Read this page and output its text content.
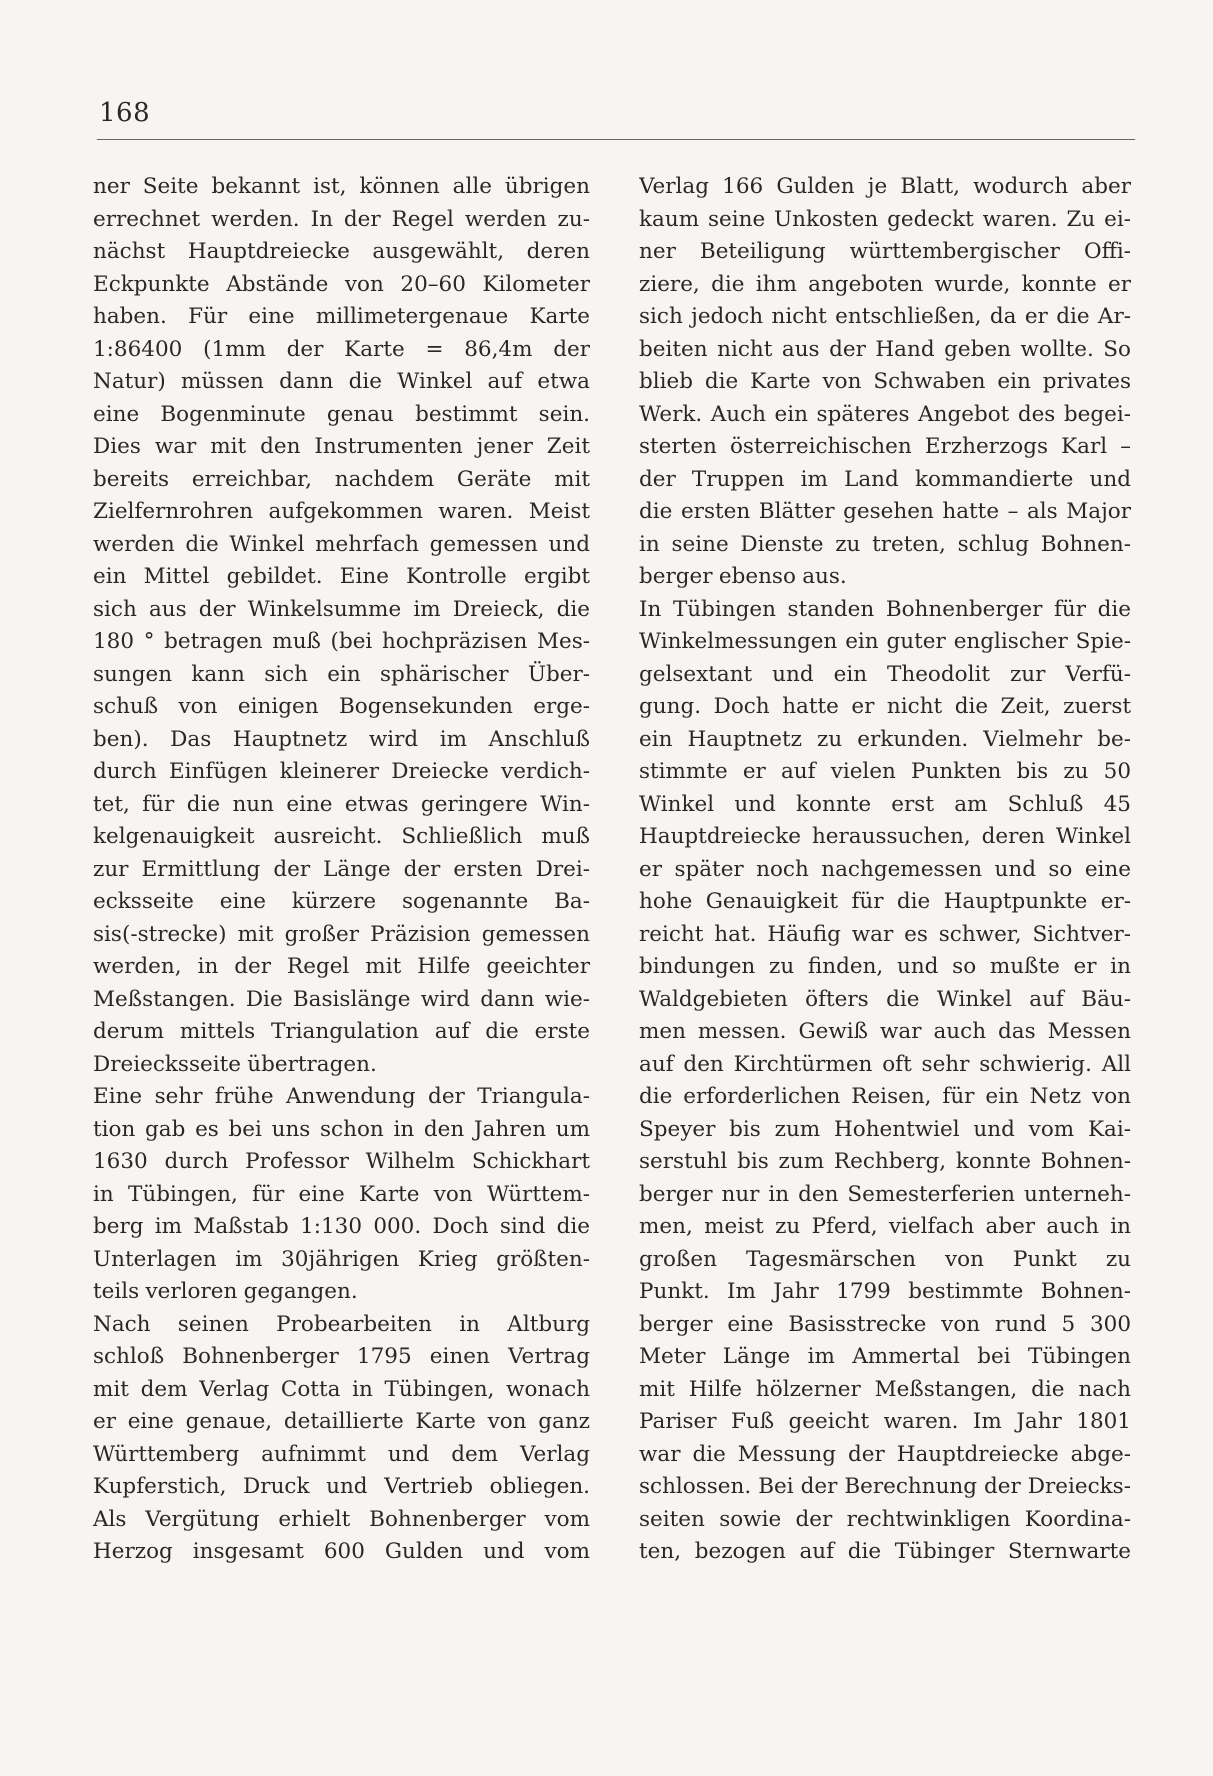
168
ner Seite bekannt ist, können alle übrigen
errechnet werden. In der Regel werden zu-
nächst Hauptdreiecke ausgewählt, deren
Eckpunkte Abstände von 20–60 Kilometer
haben. Für eine millimetergenaue Karte
1:86400 (1mm der Karte = 86,4m der
Natur) müssen dann die Winkel auf etwa
eine Bogenminute genau bestimmt sein.
Dies war mit den Instrumenten jener Zeit
bereits erreichbar, nachdem Geräte mit
Zielfernrohren aufgekommen waren. Meist
werden die Winkel mehrfach gemessen und
ein Mittel gebildet. Eine Kontrolle ergibt
sich aus der Winkelsumme im Dreieck, die
180 ° betragen muß (bei hochpräzisen Mes-
sungen kann sich ein sphärischer Über-
schuß von einigen Bogensekunden erge-
ben). Das Hauptnetz wird im Anschluß
durch Einfügen kleinerer Dreiecke verdich-
tet, für die nun eine etwas geringere Win-
kelgenauigkeit ausreicht. Schließlich muß
zur Ermittlung der Länge der ersten Drei-
ecksseite eine kürzere sogenannte Ba-
sis(-strecke) mit großer Präzision gemessen
werden, in der Regel mit Hilfe geeichter
Meßstangen. Die Basislänge wird dann wie-
derum mittels Triangulation auf die erste
Dreiecksseite übertragen.
Eine sehr frühe Anwendung der Triangula-
tion gab es bei uns schon in den Jahren um
1630 durch Professor Wilhelm Schickhart
in Tübingen, für eine Karte von Württem-
berg im Maßstab 1:130 000. Doch sind die
Unterlagen im 30jährigen Krieg größten-
teils verloren gegangen.
Nach seinen Probearbeiten in Altburg
schloß Bohnenberger 1795 einen Vertrag
mit dem Verlag Cotta in Tübingen, wonach
er eine genaue, detaillierte Karte von ganz
Württemberg aufnimmt und dem Verlag
Kupferstich, Druck und Vertrieb obliegen.
Als Vergütung erhielt Bohnenberger vom
Herzog insgesamt 600 Gulden und vom
Verlag 166 Gulden je Blatt, wodurch aber
kaum seine Unkosten gedeckt waren. Zu ei-
ner Beteiligung württembergischer Offi-
ziere, die ihm angeboten wurde, konnte er
sich jedoch nicht entschließen, da er die Ar-
beiten nicht aus der Hand geben wollte. So
blieb die Karte von Schwaben ein privates
Werk. Auch ein späteres Angebot des begei-
sterten österreichischen Erzherzogs Karl –
der Truppen im Land kommandierte und
die ersten Blätter gesehen hatte – als Major
in seine Dienste zu treten, schlug Bohnen-
berger ebenso aus.
In Tübingen standen Bohnenberger für die
Winkelmessungen ein guter englischer Spie-
gelsextant und ein Theodolit zur Verfü-
gung. Doch hatte er nicht die Zeit, zuerst
ein Hauptnetz zu erkunden. Vielmehr be-
stimmte er auf vielen Punkten bis zu 50
Winkel und konnte erst am Schluß 45
Hauptdreiecke heraussuchen, deren Winkel
er später noch nachgemessen und so eine
hohe Genauigkeit für die Hauptpunkte er-
reicht hat. Häufig war es schwer, Sichtver-
bindungen zu finden, und so mußte er in
Waldgebieten öfters die Winkel auf Bäu-
men messen. Gewiß war auch das Messen
auf den Kirchtürmen oft sehr schwierig. All
die erforderlichen Reisen, für ein Netz von
Speyer bis zum Hohentwiel und vom Kai-
serstuhl bis zum Rechberg, konnte Bohnen-
berger nur in den Semesterferien unterneh-
men, meist zu Pferd, vielfach aber auch in
großen Tagesmärschen von Punkt zu
Punkt. Im Jahr 1799 bestimmte Bohnen-
berger eine Basisstrecke von rund 5 300
Meter Länge im Ammertal bei Tübingen
mit Hilfe hölzerner Meßstangen, die nach
Pariser Fuß geeicht waren. Im Jahr 1801
war die Messung der Hauptdreiecke abge-
schlossen. Bei der Berechnung der Dreiecks-
seiten sowie der rechtwinkligen Koordina-
ten, bezogen auf die Tübinger Sternwarte
